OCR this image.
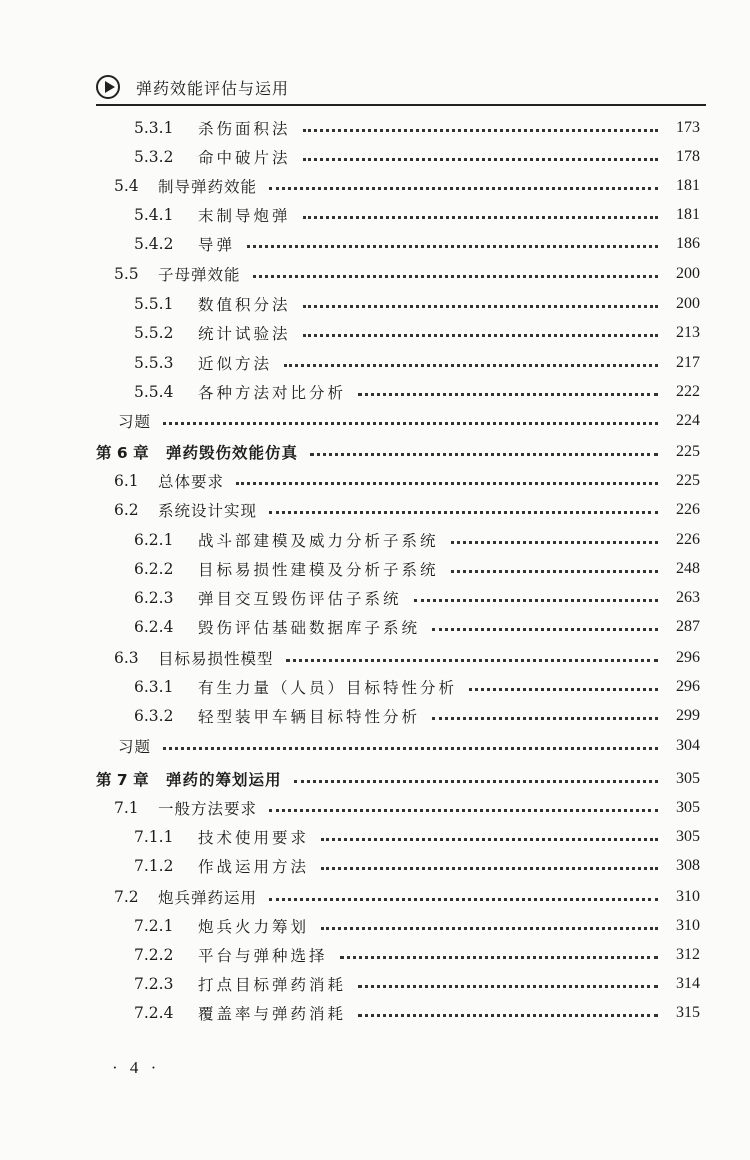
弹药效能评估与运用
5.3.1	杀伤面积法	173
5.3.2	命中破片法	178
5.4	制导弹药效能	181
5.4.1	末制导炮弹	181
5.4.2	导弹	186
5.5	子母弹效能	200
5.5.1	数值积分法	200
5.5.2	统计试验法	213
5.5.3	近似方法	217
5.5.4	各种方法对比分析	222
习题	224
第 6 章	弹药毁伤效能仿真	225
6.1	总体要求	225
6.2	系统设计实现	226
6.2.1	战斗部建模及威力分析子系统	226
6.2.2	目标易损性建模及分析子系统	248
6.2.3	弹目交互毁伤评估子系统	263
6.2.4	毁伤评估基础数据库子系统	287
6.3	目标易损性模型	296
6.3.1	有生力量（人员）目标特性分析	296
6.3.2	轻型装甲车辆目标特性分析	299
习题	304
第 7 章	弹药的筹划运用	305
7.1	一般方法要求	305
7.1.1	技术使用要求	305
7.1.2	作战运用方法	308
7.2	炮兵弹药运用	310
7.2.1	炮兵火力筹划	310
7.2.2	平台与弹种选择	312
7.2.3	打点目标弹药消耗	314
7.2.4	覆盖率与弹药消耗	315
· 4 ·
